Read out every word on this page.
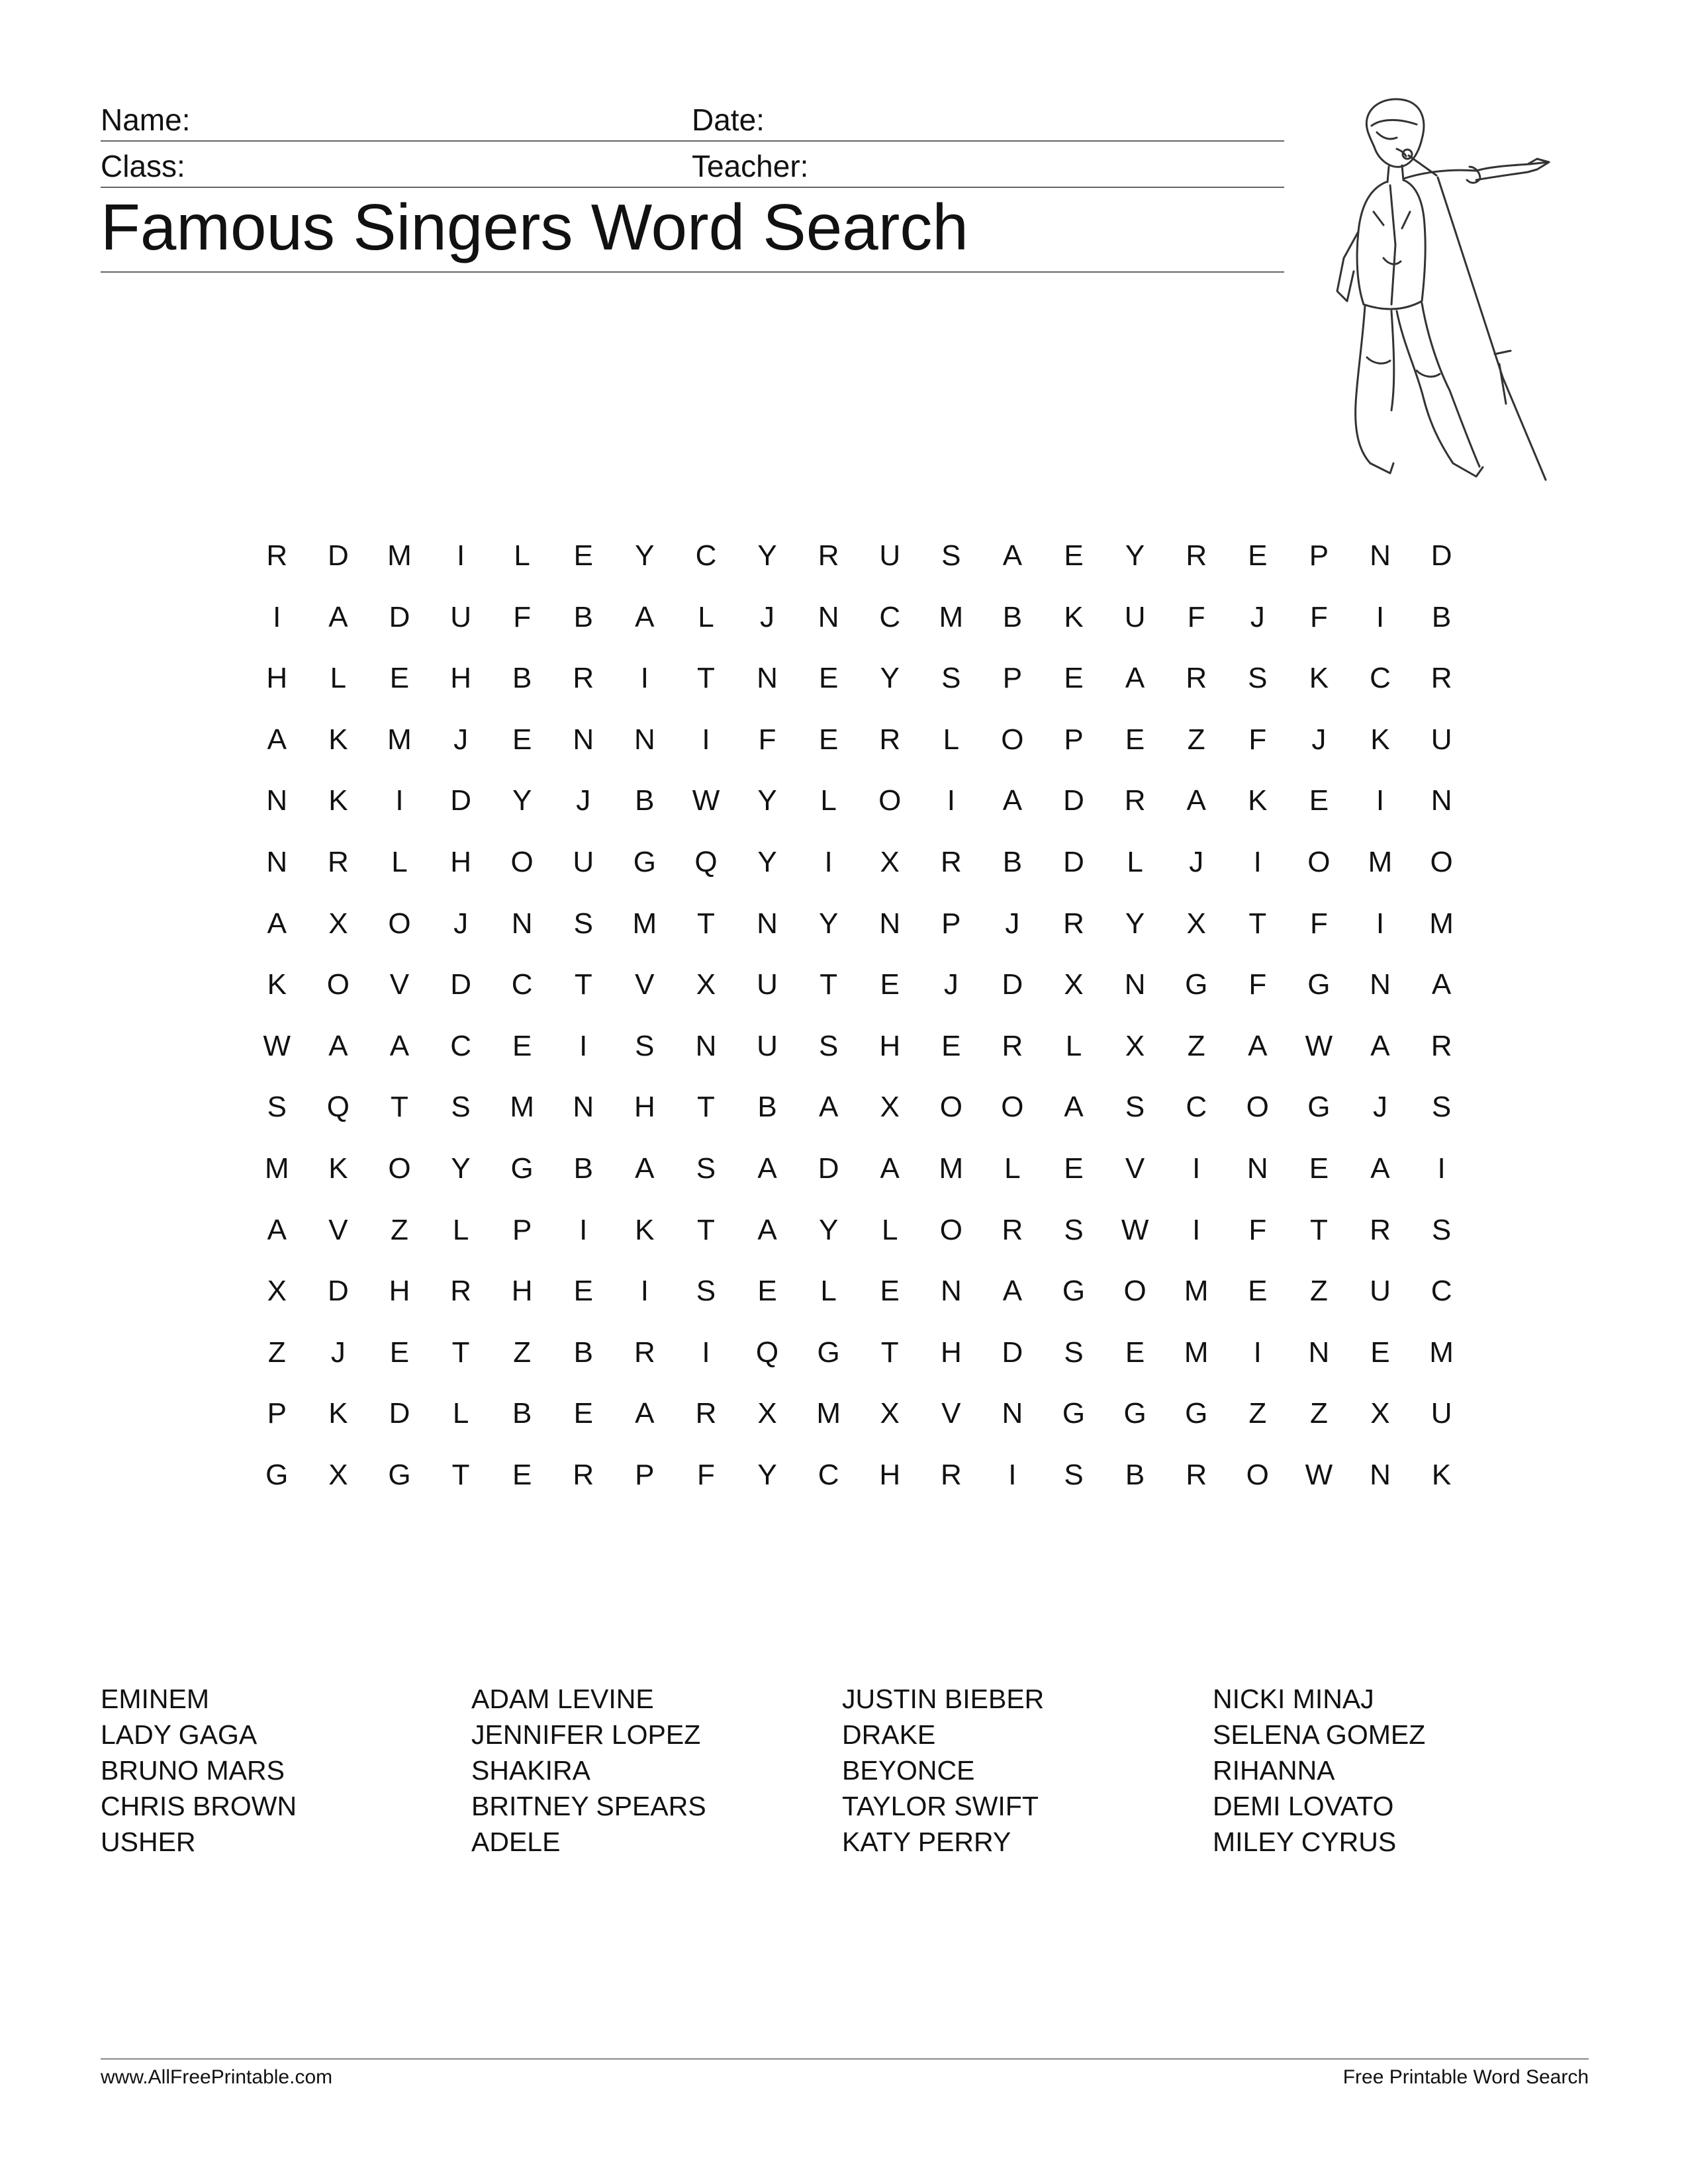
Name:	Date:
Class:	Teacher:
Famous Singers Word Search
R	D	M	I	L	E	Y	C	Y	R	U	S	A	E	Y	R	E	P	N	D
I	A	D	U	F	B	A	L	J	N	C	M	B	K	U	F	J	F	I	B
H	L	E	H	B	R	I	T	N	E	Y	S	P	E	A	R	S	K	C	R
A	K	M	J	E	N	N	I	F	E	R	L	O	P	E	Z	F	J	K	U
N	K	I	D	Y	J	B	W	Y	L	O	I	A	D	R	A	K	E	I	N
N	R	L	H	O	U	G	Q	Y	I	X	R	B	D	L	J	I	O	M	O
A	X	O	J	N	S	M	T	N	Y	N	P	J	R	Y	X	T	F	I	M
K	O	V	D	C	T	V	X	U	T	E	J	D	X	N	G	F	G	N	A
W	A	A	C	E	I	S	N	U	S	H	E	R	L	X	Z	A	W	A	R
S	Q	T	S	M	N	H	T	B	A	X	O	O	A	S	C	O	G	J	S
M	K	O	Y	G	B	A	S	A	D	A	M	L	E	V	I	N	E	A	I
A	V	Z	L	P	I	K	T	A	Y	L	O	R	S	W	I	F	T	R	S
X	D	H	R	H	E	I	S	E	L	E	N	A	G	O	M	E	Z	U	C
Z	J	E	T	Z	B	R	I	Q	G	T	H	D	S	E	M	I	N	E	M
P	K	D	L	B	E	A	R	X	M	X	V	N	G	G	G	Z	Z	X	U
G	X	G	T	E	R	P	F	Y	C	H	R	I	S	B	R	O	W	N	K
EMINEM
LADY GAGA
BRUNO MARS
CHRIS BROWN
USHER
ADAM LEVINE
JENNIFER LOPEZ
SHAKIRA
BRITNEY SPEARS
ADELE
JUSTIN BIEBER
DRAKE
BEYONCE
TAYLOR SWIFT
KATY PERRY
NICKI MINAJ
SELENA GOMEZ
RIHANNA
DEMI LOVATO
MILEY CYRUS
www.AllFreePrintable.com	Free Printable Word Search
